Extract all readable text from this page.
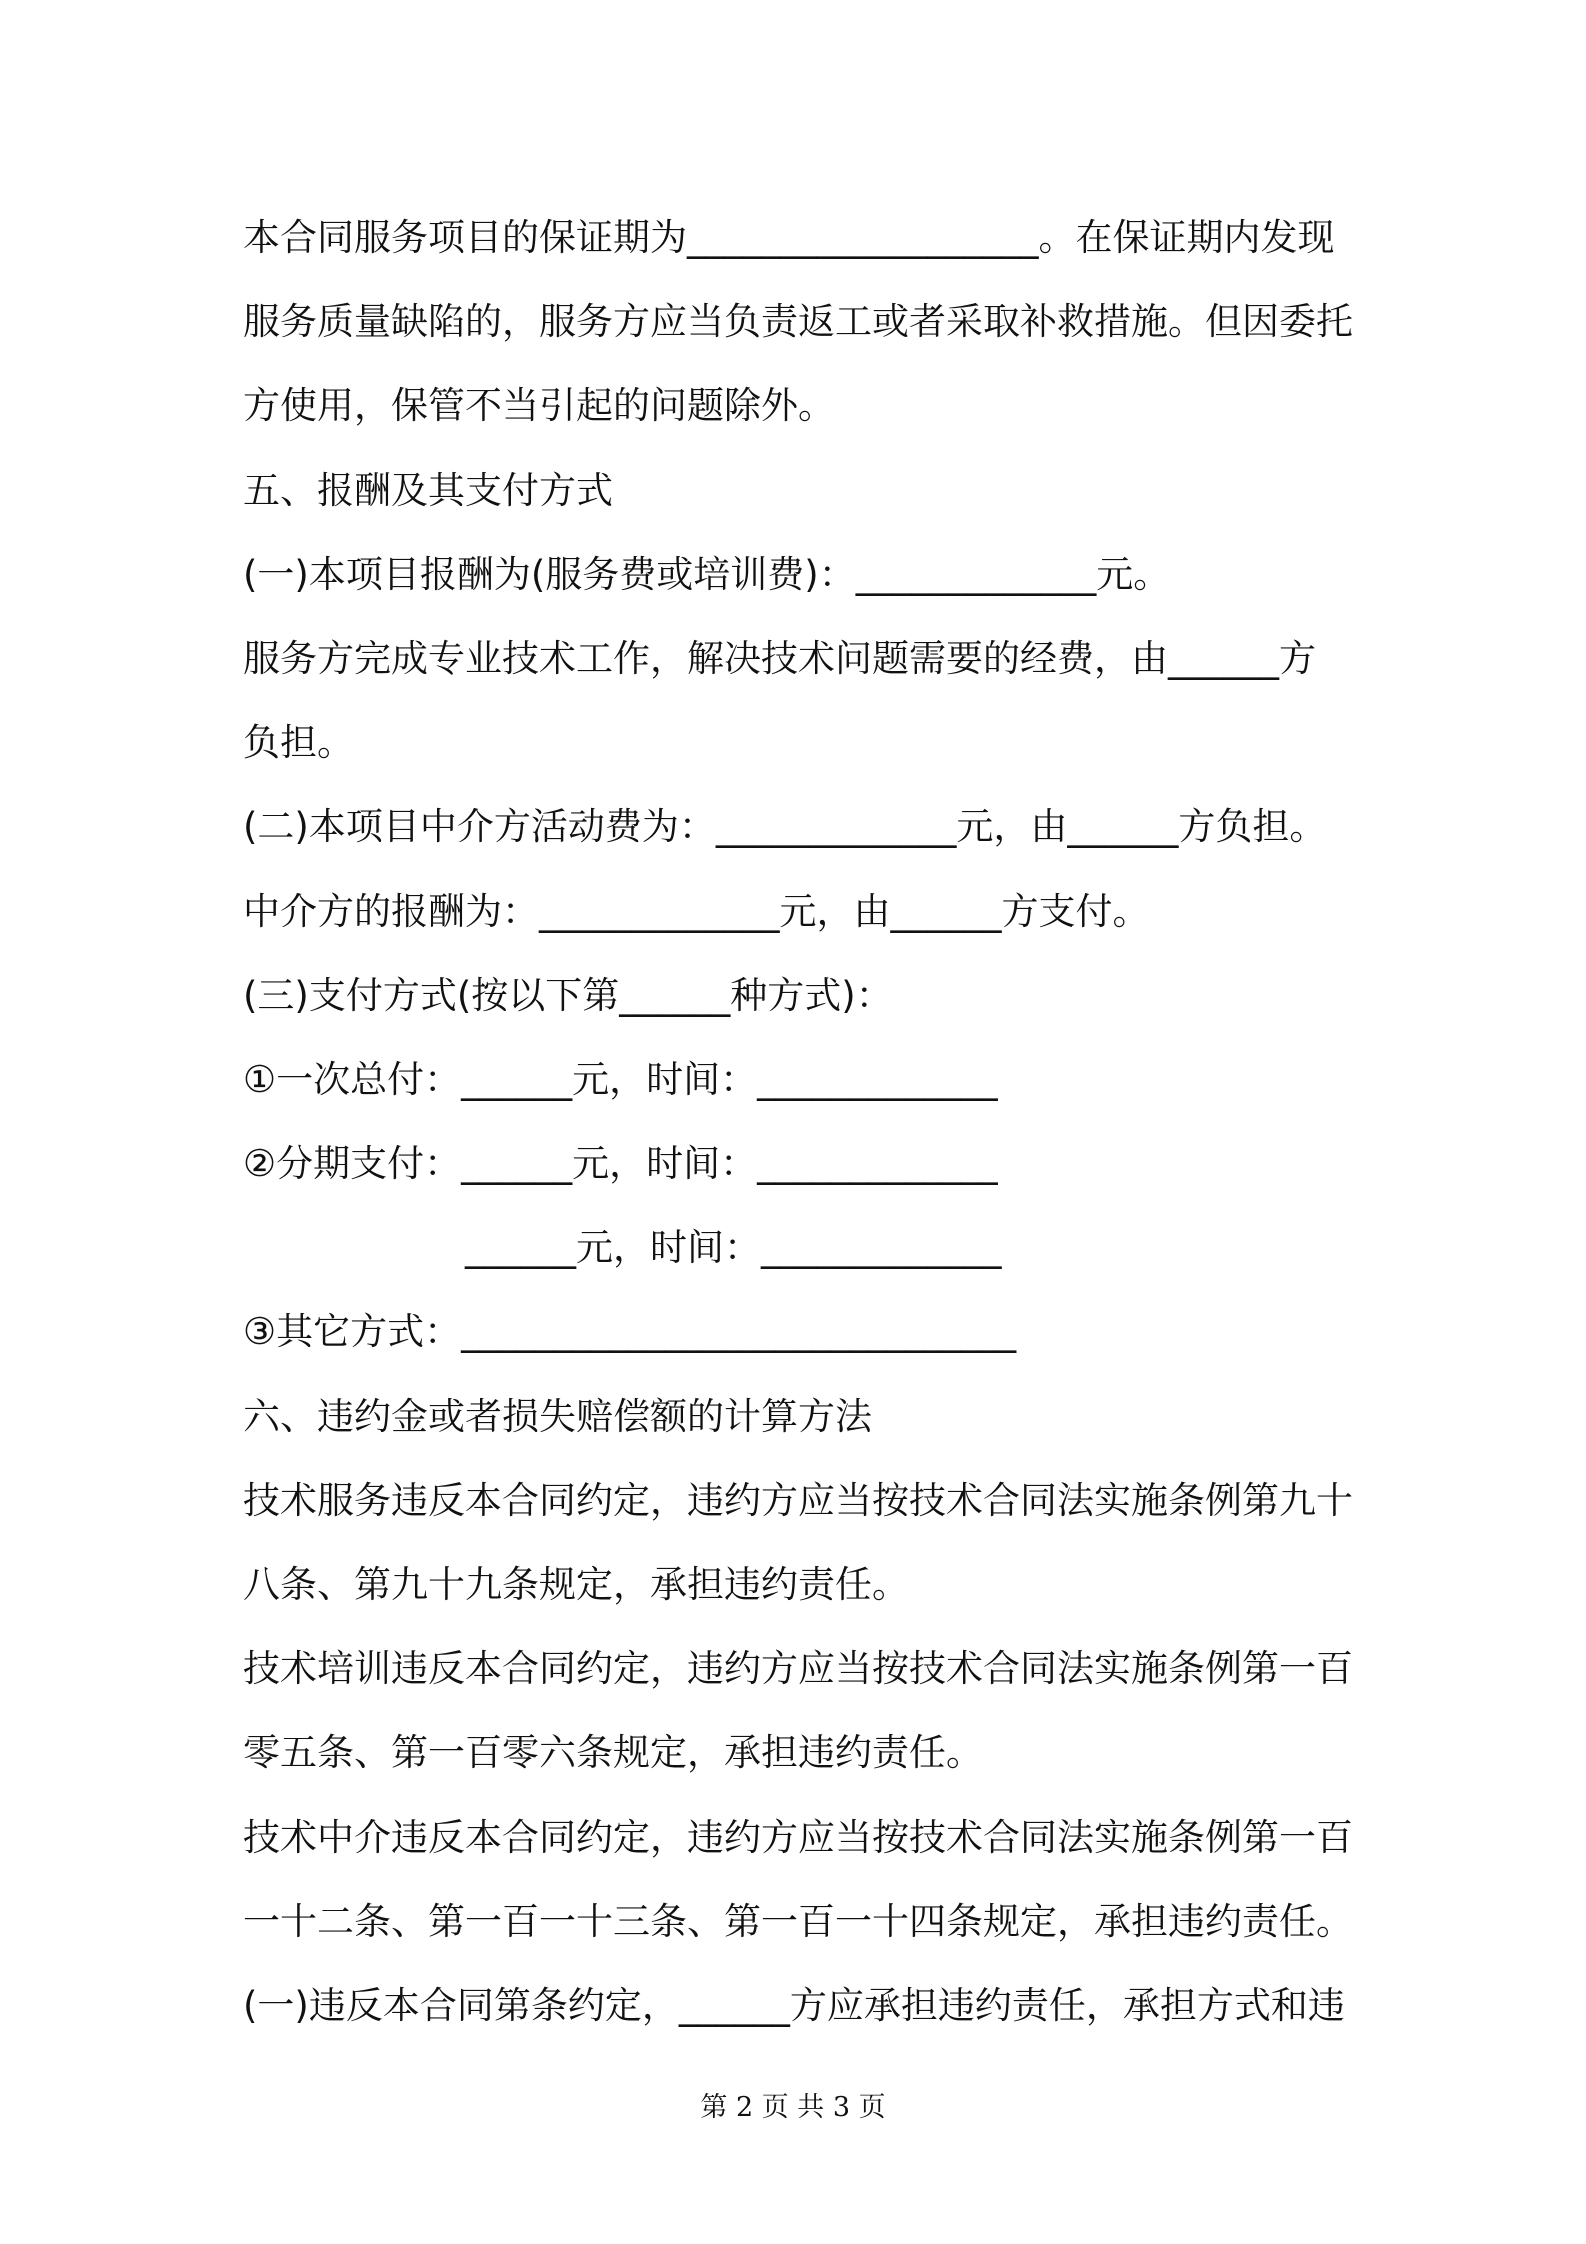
本合同服务项目的保证期为___________________。在保证期内发现
服务质量缺陷的，服务方应当负责返工或者采取补救措施。但因委托
方使用，保管不当引起的问题除外。
五、报酬及其支付方式
(一)本项目报酬为(服务费或培训费)：_____________元。
服务方完成专业技术工作，解决技术问题需要的经费，由______方
负担。
(二)本项目中介方活动费为：_____________元，由______方负担。
中介方的报酬为：_____________元，由______方支付。
(三)支付方式(按以下第______种方式)：
①一次总付：______元，时间：_____________
②分期支付：______元，时间：_____________
　　　　　　______元，时间：_____________
③其它方式：______________________________
六、违约金或者损失赔偿额的计算方法
技术服务违反本合同约定，违约方应当按技术合同法实施条例第九十
八条、第九十九条规定，承担违约责任。
技术培训违反本合同约定，违约方应当按技术合同法实施条例第一百
零五条、第一百零六条规定，承担违约责任。
技术中介违反本合同约定，违约方应当按技术合同法实施条例第一百
一十二条、第一百一十三条、第一百一十四条规定，承担违约责任。
(一)违反本合同第条约定，______方应承担违约责任，承担方式和违
第 2 页 共 3 页
